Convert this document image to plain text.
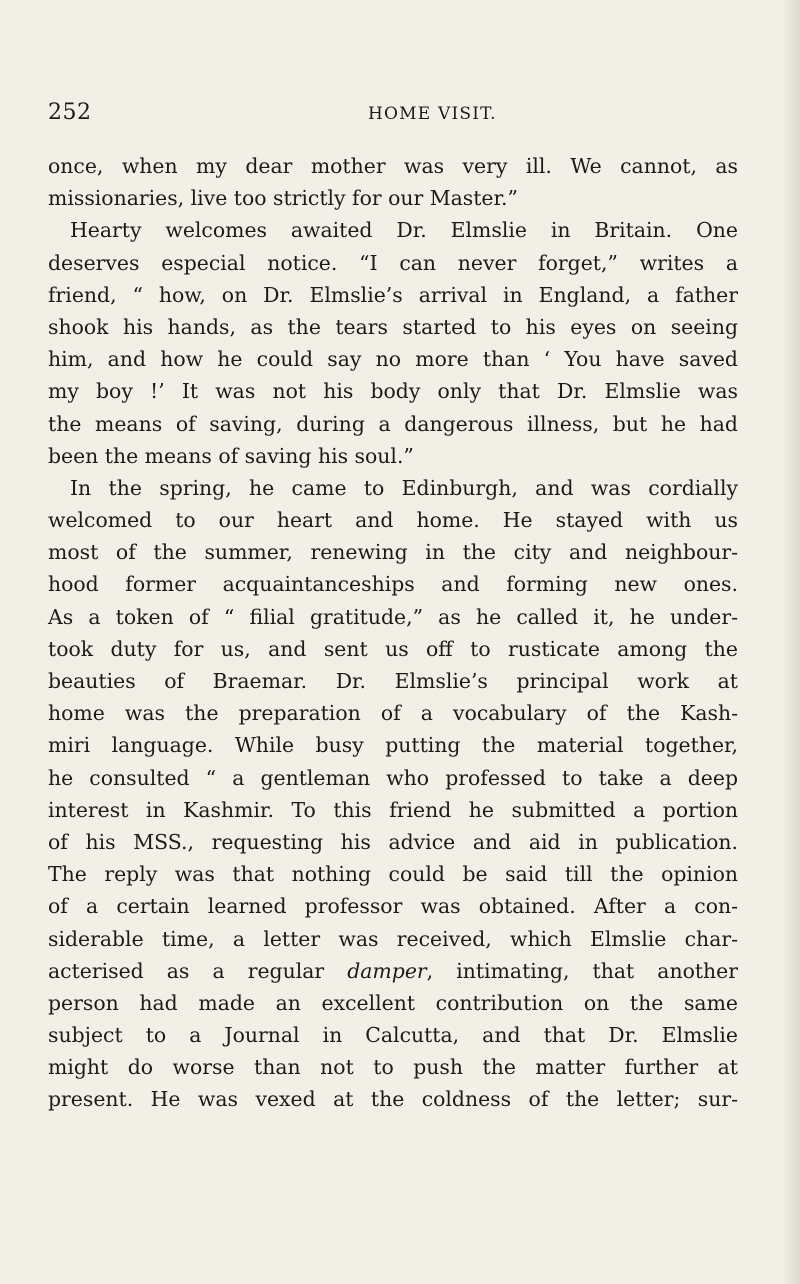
252	HOME VISIT.
once, when my dear mother was very ill. We cannot, as
missionaries, live too strictly for our Master.”
Hearty welcomes awaited Dr. Elmslie in Britain. One
deserves especial notice. “I can never forget,” writes a
friend, “ how, on Dr. Elmslie’s arrival in England, a father
shook his hands, as the tears started to his eyes on seeing
him, and how he could say no more than ‘ You have saved
my boy !’ It was not his body only that Dr. Elmslie was
the means of saving, during a dangerous illness, but he had
been the means of saving his soul.”
In the spring, he came to Edinburgh, and was cordially
welcomed to our heart and home. He stayed with us
most of the summer, renewing in the city and neighbour-
hood former acquaintanceships and forming new ones.
As a token of “ filial gratitude,” as he called it, he under-
took duty for us, and sent us off to rusticate among the
beauties of Braemar. Dr. Elmslie’s principal work at
home was the preparation of a vocabulary of the Kash-
miri language. While busy putting the material together,
he consulted “ a gentleman who professed to take a deep
interest in Kashmir. To this friend he submitted a portion
of his MSS., requesting his advice and aid in publication.
The reply was that nothing could be said till the opinion
of a certain learned professor was obtained. After a con-
siderable time, a letter was received, which Elmslie char-
acterised as a regular damper, intimating, that another
person had made an excellent contribution on the same
subject to a Journal in Calcutta, and that Dr. Elmslie
might do worse than not to push the matter further at
present. He was vexed at the coldness of the letter; sur-
